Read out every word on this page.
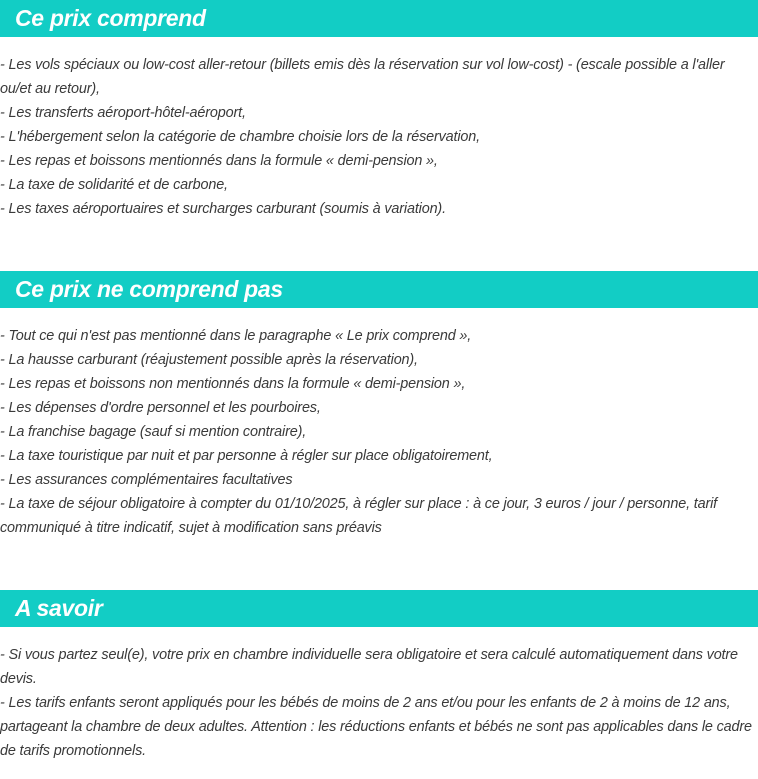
Ce prix comprend
- Les vols spéciaux ou low-cost aller-retour (billets emis dès la réservation sur vol low-cost) - (escale possible a l'aller ou/et au retour),
- Les transferts aéroport-hôtel-aéroport,
- L'hébergement selon la catégorie de chambre choisie lors de la réservation,
- Les repas et boissons mentionnés dans la formule « demi-pension »,
- La taxe de solidarité et de carbone,
- Les taxes aéroportuaires et surcharges carburant (soumis à variation).
Ce prix ne comprend pas
- Tout ce qui n'est pas mentionné dans le paragraphe « Le prix comprend »,
- La hausse carburant (réajustement possible après la réservation),
- Les repas et boissons non mentionnés dans la formule « demi-pension »,
- Les dépenses d'ordre personnel et les pourboires,
- La franchise bagage (sauf si mention contraire),
- La taxe touristique par nuit et par personne à régler sur place obligatoirement,
- Les assurances complémentaires facultatives
- La taxe de séjour obligatoire à compter du 01/10/2025, à régler sur place : à ce jour, 3 euros / jour / personne, tarif communiqué à titre indicatif, sujet à modification sans préavis
A savoir
- Si vous partez seul(e), votre prix en chambre individuelle sera obligatoire et sera calculé automatiquement dans votre devis.
- Les tarifs enfants seront appliqués pour les bébés de moins de 2 ans et/ou pour les enfants de 2 à moins de 12 ans, partageant la chambre de deux adultes. Attention : les réductions enfants et bébés ne sont pas applicables dans le cadre de tarifs promotionnels.
